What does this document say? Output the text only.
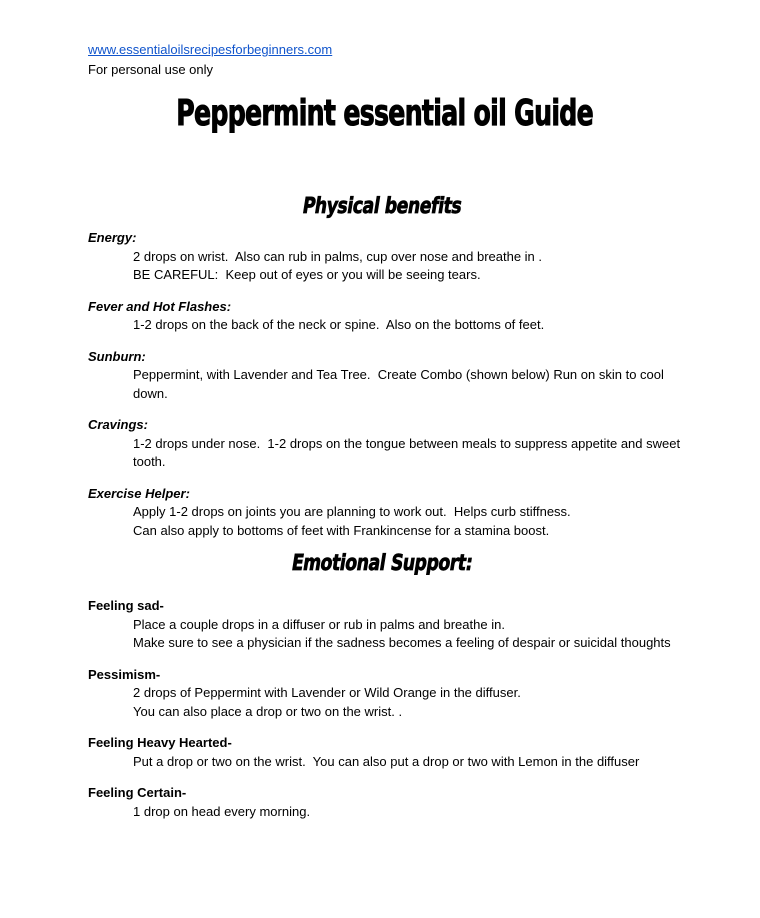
www.essentialoilsrecipesforbeginners.com
For personal use only
Peppermint essential oil Guide
Physical benefits
Energy:
2 drops on wrist.  Also can rub in palms, cup over nose and breathe in .
BE CAREFUL:  Keep out of eyes or you will be seeing tears.
Fever and Hot Flashes:
1-2 drops on the back of the neck or spine.  Also on the bottoms of feet.
Sunburn:
Peppermint, with Lavender and Tea Tree.  Create Combo (shown below) Run on skin to cool
down.
Cravings:
1-2 drops under nose.  1-2 drops on the tongue between meals to suppress appetite and sweet
tooth.
Exercise Helper:
Apply 1-2 drops on joints you are planning to work out.  Helps curb stiffness.
Can also apply to bottoms of feet with Frankincense for a stamina boost.
Emotional Support:
Feeling sad-
Place a couple drops in a diffuser or rub in palms and breathe in.
Make sure to see a physician if the sadness becomes a feeling of despair or suicidal thoughts
Pessimism-
2 drops of Peppermint with Lavender or Wild Orange in the diffuser.
You can also place a drop or two on the wrist. .
Feeling Heavy Hearted-
Put a drop or two on the wrist.  You can also put a drop or two with Lemon in the diffuser
Feeling Certain-
1 drop on head every morning.
